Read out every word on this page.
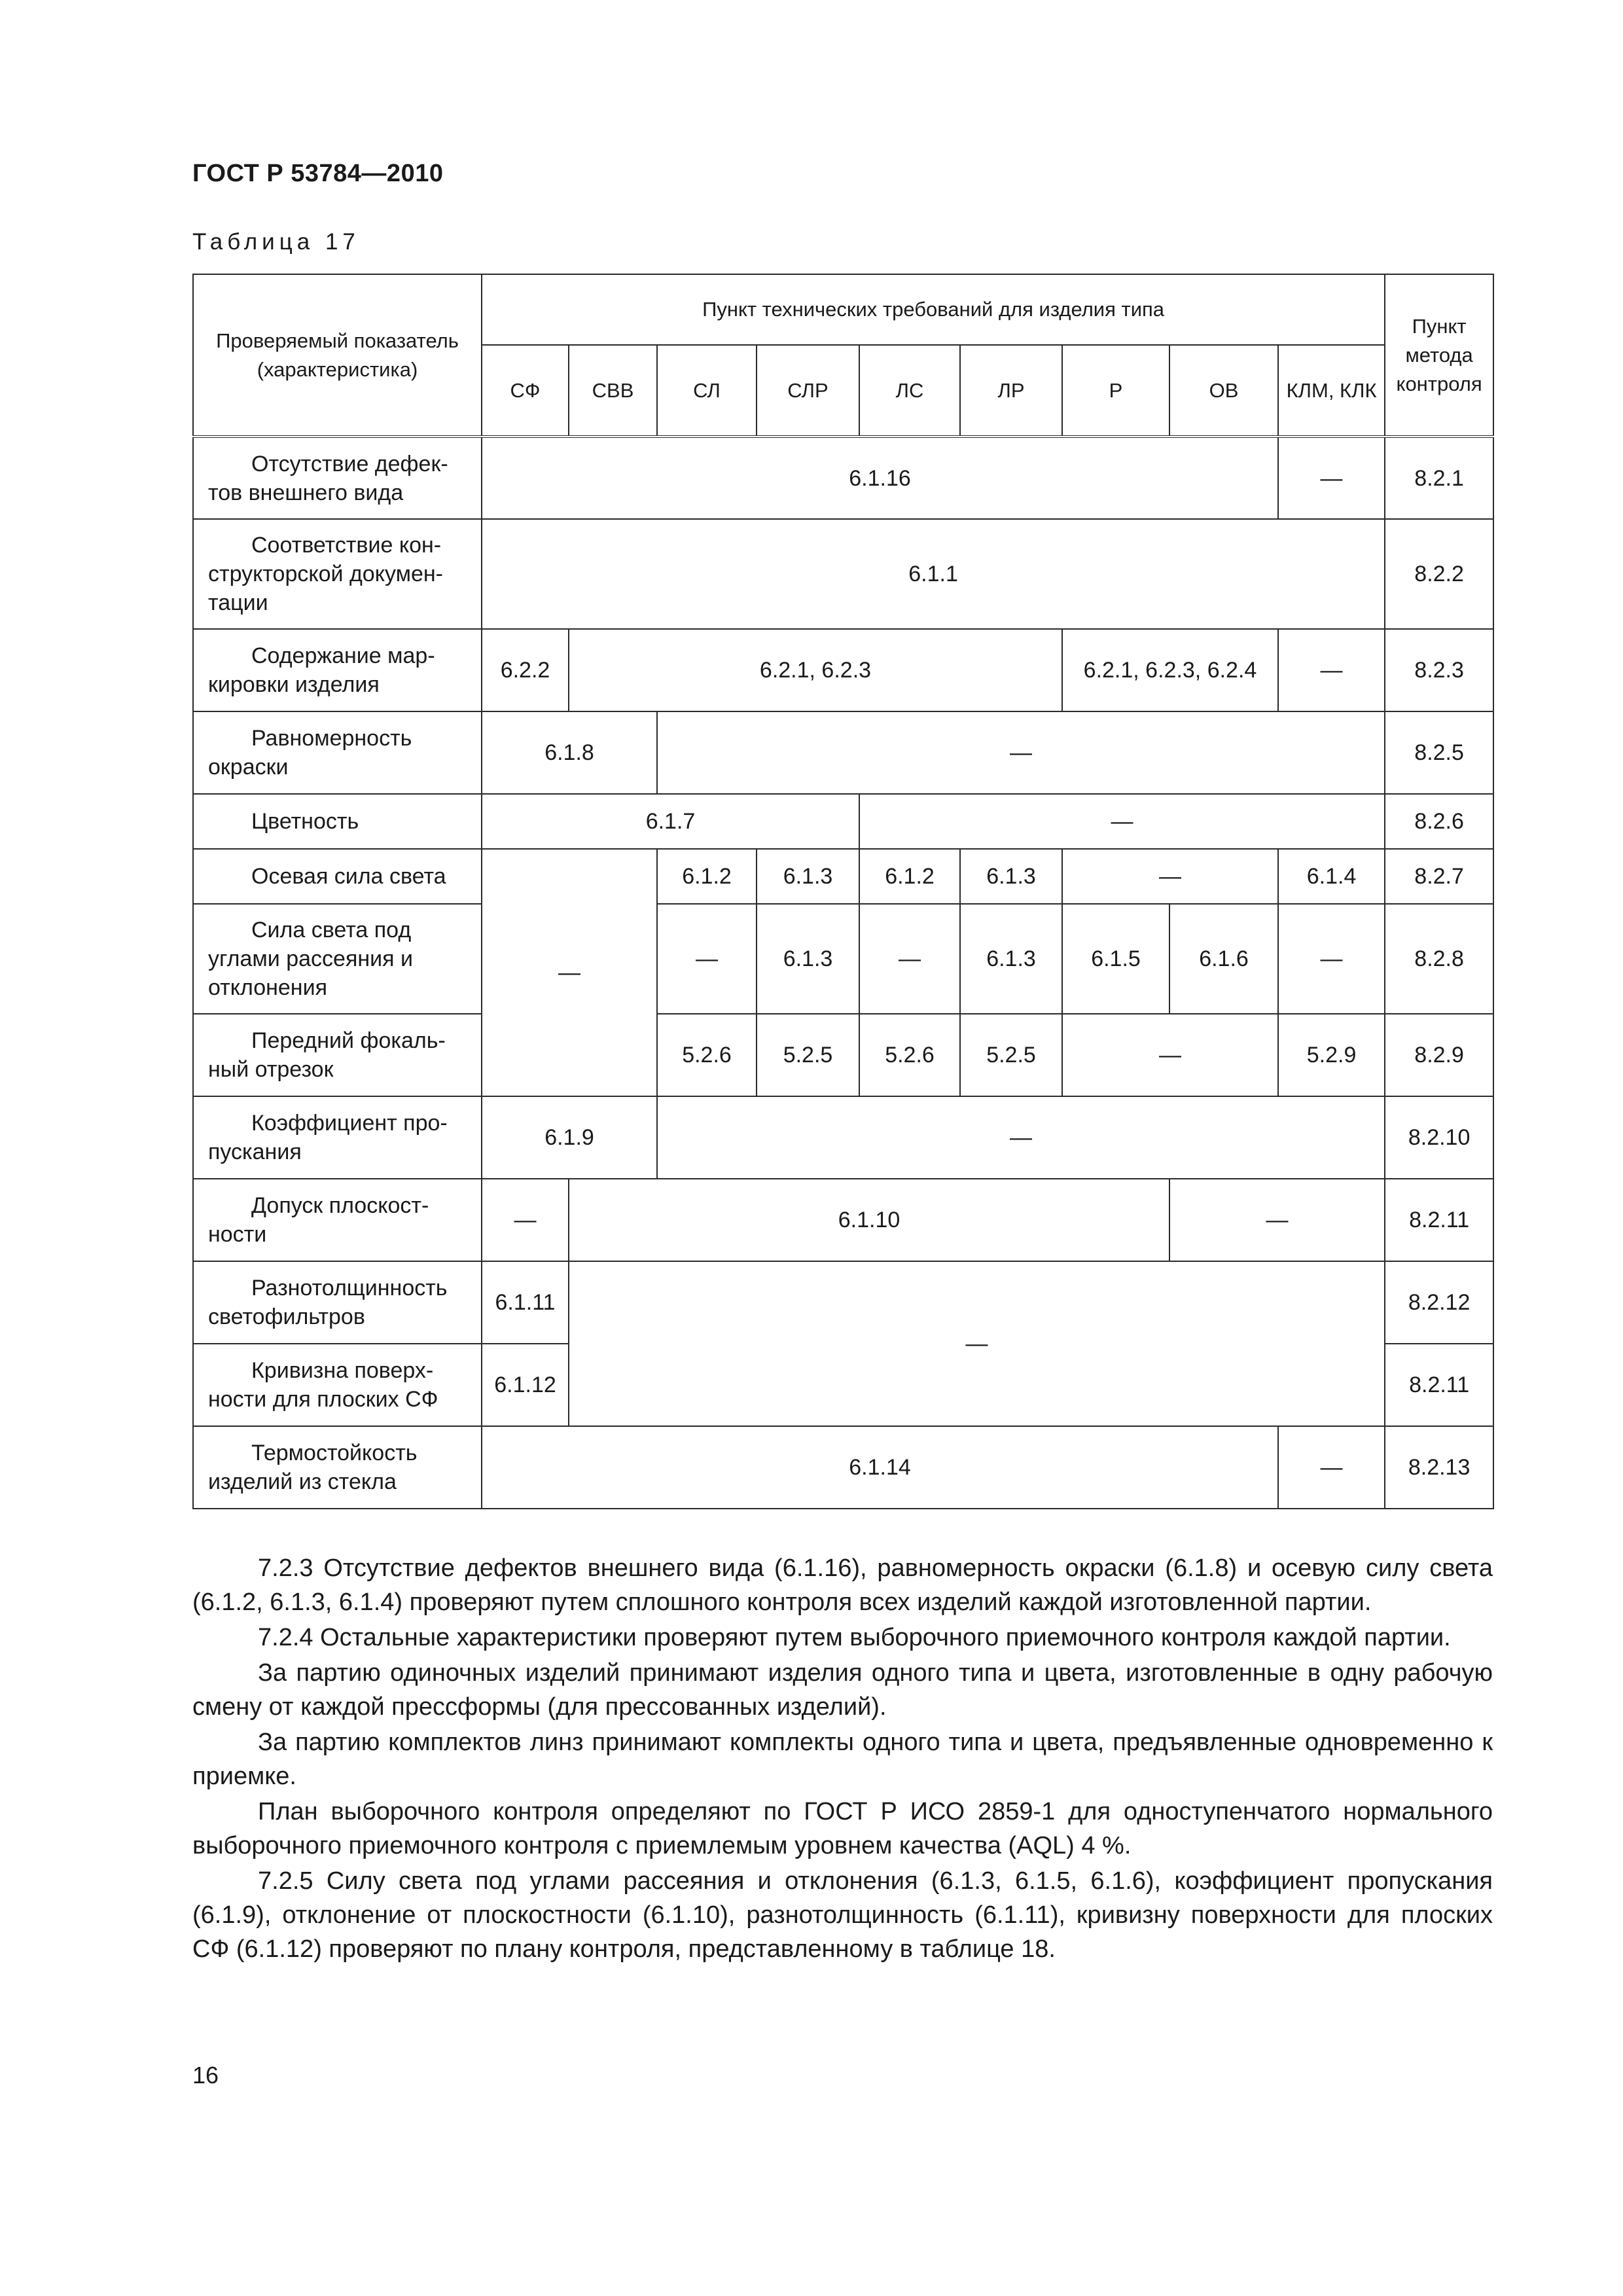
ГОСТ Р 53784—2010
Таблица 17
Проверяемый показатель (характеристика)	Пункт технических требований для изделия типа									Пункт метода контроля
	СФ	СВВ	СЛ	СЛР	ЛС	ЛР	Р	ОВ	КЛМ, КЛК	

Отсутствие дефек-
тов внешнего вида	6.1.16								—	8.2.1

Соответствие кон-
структорской докумен-
тации	6.1.1									8.2.2

Содержание мар-
кировки изделия	6.2.2	6.2.1, 6.2.3					6.2.1, 6.2.3, 6.2.4		—	8.2.3

Равномерность
окраски	6.1.8		—							8.2.5

Цветность	6.1.7				—					8.2.6

Осевая сила света	—		6.1.2	6.1.3	6.1.2	6.1.3	—		6.1.4	8.2.7

Сила света под
углами рассеяния и
отклонения			—	6.1.3	—	6.1.3	6.1.5	6.1.6	—	8.2.8

Передний фокаль-
ный отрезок			5.2.6	5.2.5	5.2.6	5.2.5	—		5.2.9	8.2.9

Коэффициент про-
пускания	6.1.9		—							8.2.10

Допуск плоскост-
ности	—	6.1.10						—		8.2.11

Разнотолщинность
светофильтров	6.1.11	—								8.2.12

Кривизна поверх-
ности для плоских СФ	6.1.12									8.2.11

Термостойкость
изделий из стекла	6.1.14								—	8.2.13

7.2.3 Отсутствие дефектов внешнего вида (6.1.16), равномерность окраски (6.1.8) и осевую силу света (6.1.2, 6.1.3, 6.1.4) проверяют путем сплошного контроля всех изделий каждой изготовленной партии.

7.2.4 Остальные характеристики проверяют путем выборочного приемочного контроля каждой партии.

За партию одиночных изделий принимают изделия одного типа и цвета, изготовленные в одну рабочую смену от каждой прессформы (для прессованных изделий).

За партию комплектов линз принимают комплекты одного типа и цвета, предъявленные одновременно к приемке.

План выборочного контроля определяют по ГОСТ Р ИСО 2859-1 для одноступенчатого нормального выборочного приемочного контроля с приемлемым уровнем качества (AQL) 4 %.

7.2.5 Силу света под углами рассеяния и отклонения (6.1.3, 6.1.5, 6.1.6), коэффициент пропускания (6.1.9), отклонение от плоскостности (6.1.10), разнотолщинность (6.1.11), кривизну поверхности для плоских СФ (6.1.12) проверяют по плану контроля, представленному в таблице 18.

16
